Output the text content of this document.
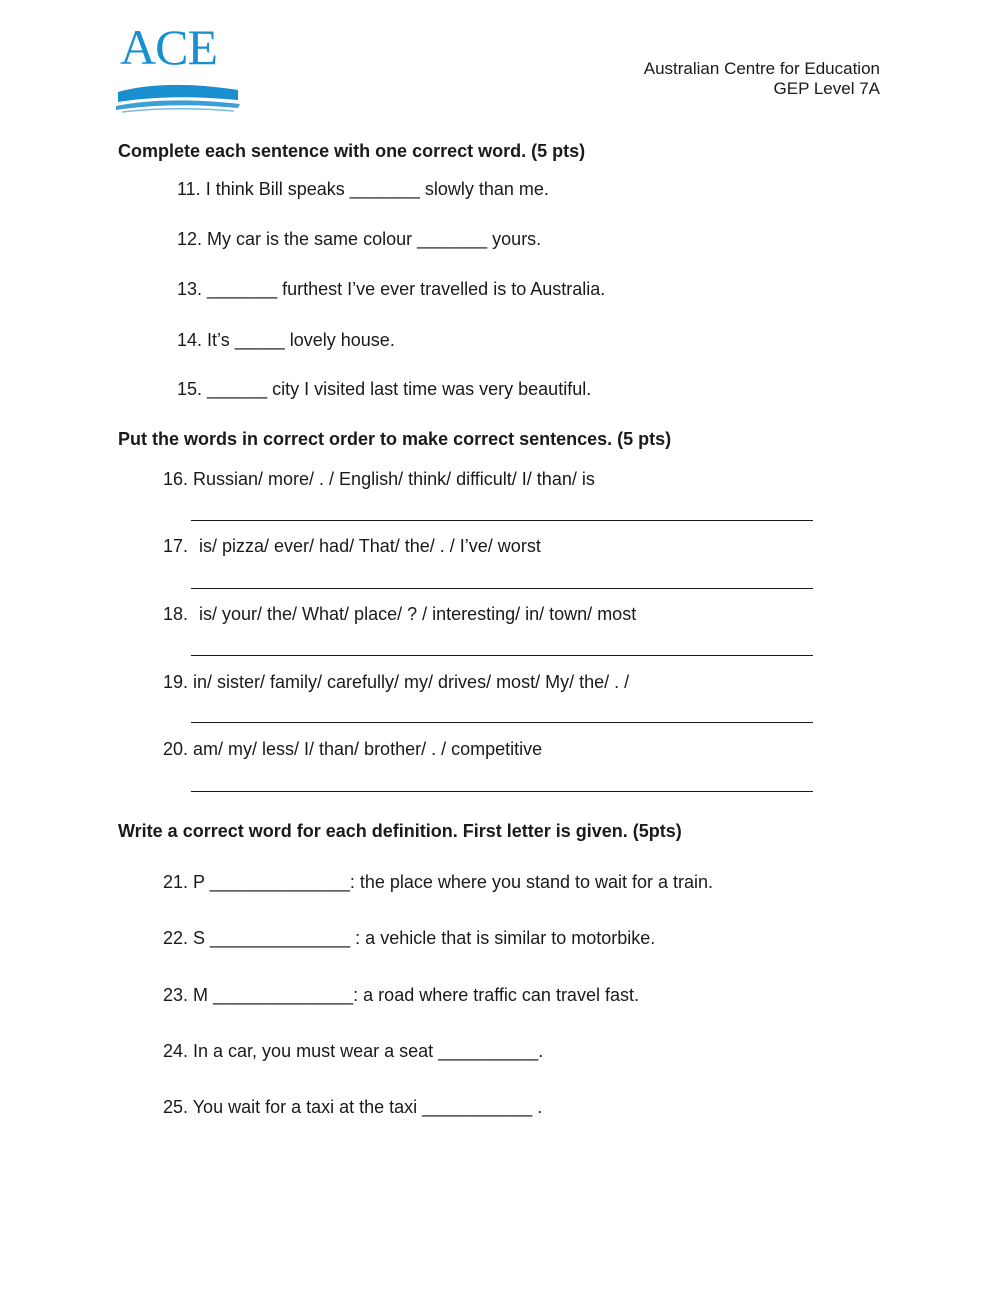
ACE	Australian Centre for Education
GEP Level 7A
Complete each sentence with one correct word. (5 pts)
11. I think Bill speaks _______ slowly than me.
12. My car is the same colour _______ yours.
13. _______ furthest I’ve ever travelled is to Australia.
14. It’s _____ lovely house.
15. ______ city I visited last time was very beautiful.
Put the words in correct order to make correct sentences. (5 pts)
16. Russian/ more/ . / English/ think/ difficult/ I/ than/ is
17. is/ pizza/ ever/ had/ That/ the/ . / I’ve/ worst
18. is/ your/ the/ What/ place/ ? / interesting/ in/ town/ most
19. in/ sister/ family/ carefully/ my/ drives/ most/ My/ the/ . /
20. am/ my/ less/ I/ than/ brother/ . / competitive
Write a correct word for each definition. First letter is given. (5pts)
21. P ______________: the place where you stand to wait for a train.
22. S ______________ : a vehicle that is similar to motorbike.
23. M ______________: a road where traffic can travel fast.
24. In a car, you must wear a seat __________.
25. You wait for a taxi at the taxi ___________ .
